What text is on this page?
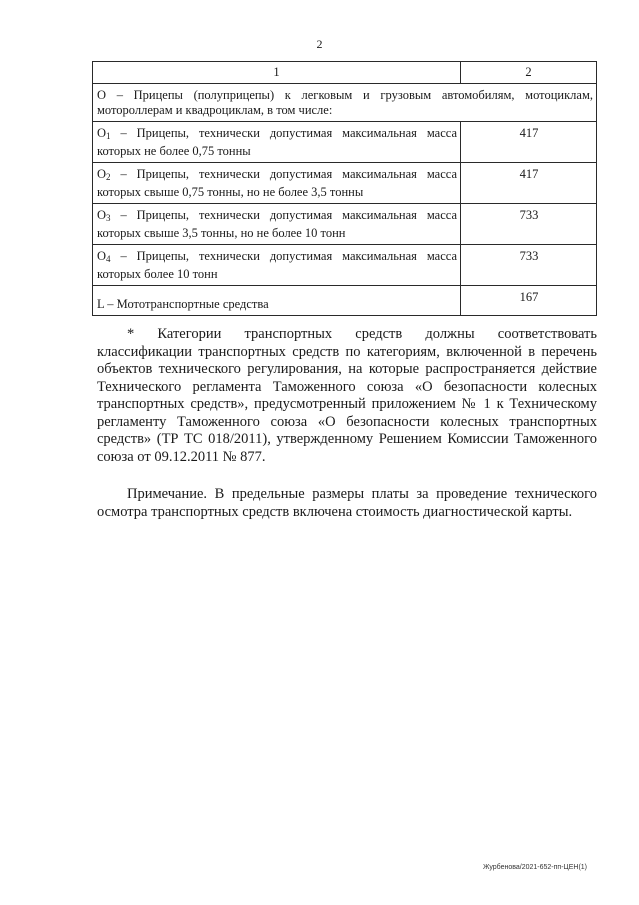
2
1	2
О – Прицепы (полуприцепы) к легковым и грузовым автомобилям, мотоциклам, мотороллерам и квадроциклам, в том числе:	
$О_1$ – Прицепы, технически допустимая максимальная масса которых не более 0,75 тонны	417
$О_2$ – Прицепы, технически допустимая максимальная масса которых свыше 0,75 тонны, но не более 3,5 тонны	417
$О_3$ – Прицепы, технически допустимая максимальная масса которых свыше 3,5 тонны, но не более 10 тонн	733
$О_4$ – Прицепы, технически допустимая максимальная масса которых более 10 тонн	733
L – Мототранспортные средства	167
* Категории транспортных средств должны соответствовать классификации транспортных средств по категориям, включенной в перечень объектов технического регулирования, на которые распространяется действие Технического регламента Таможенного союза «О безопасности колесных транспортных средств», предусмотренный приложением № 1 к Техническому регламенту Таможенного союза «О безопасности колесных транспортных средств» (ТР ТС 018/2011), утвержденному Решением Комиссии Таможенного союза от 09.12.2011 № 877.
Примечание. В предельные размеры платы за проведение технического осмотра транспортных средств включена стоимость диагностической карты.
Журбенова/2021-652-пп-ЦЕН(1)
